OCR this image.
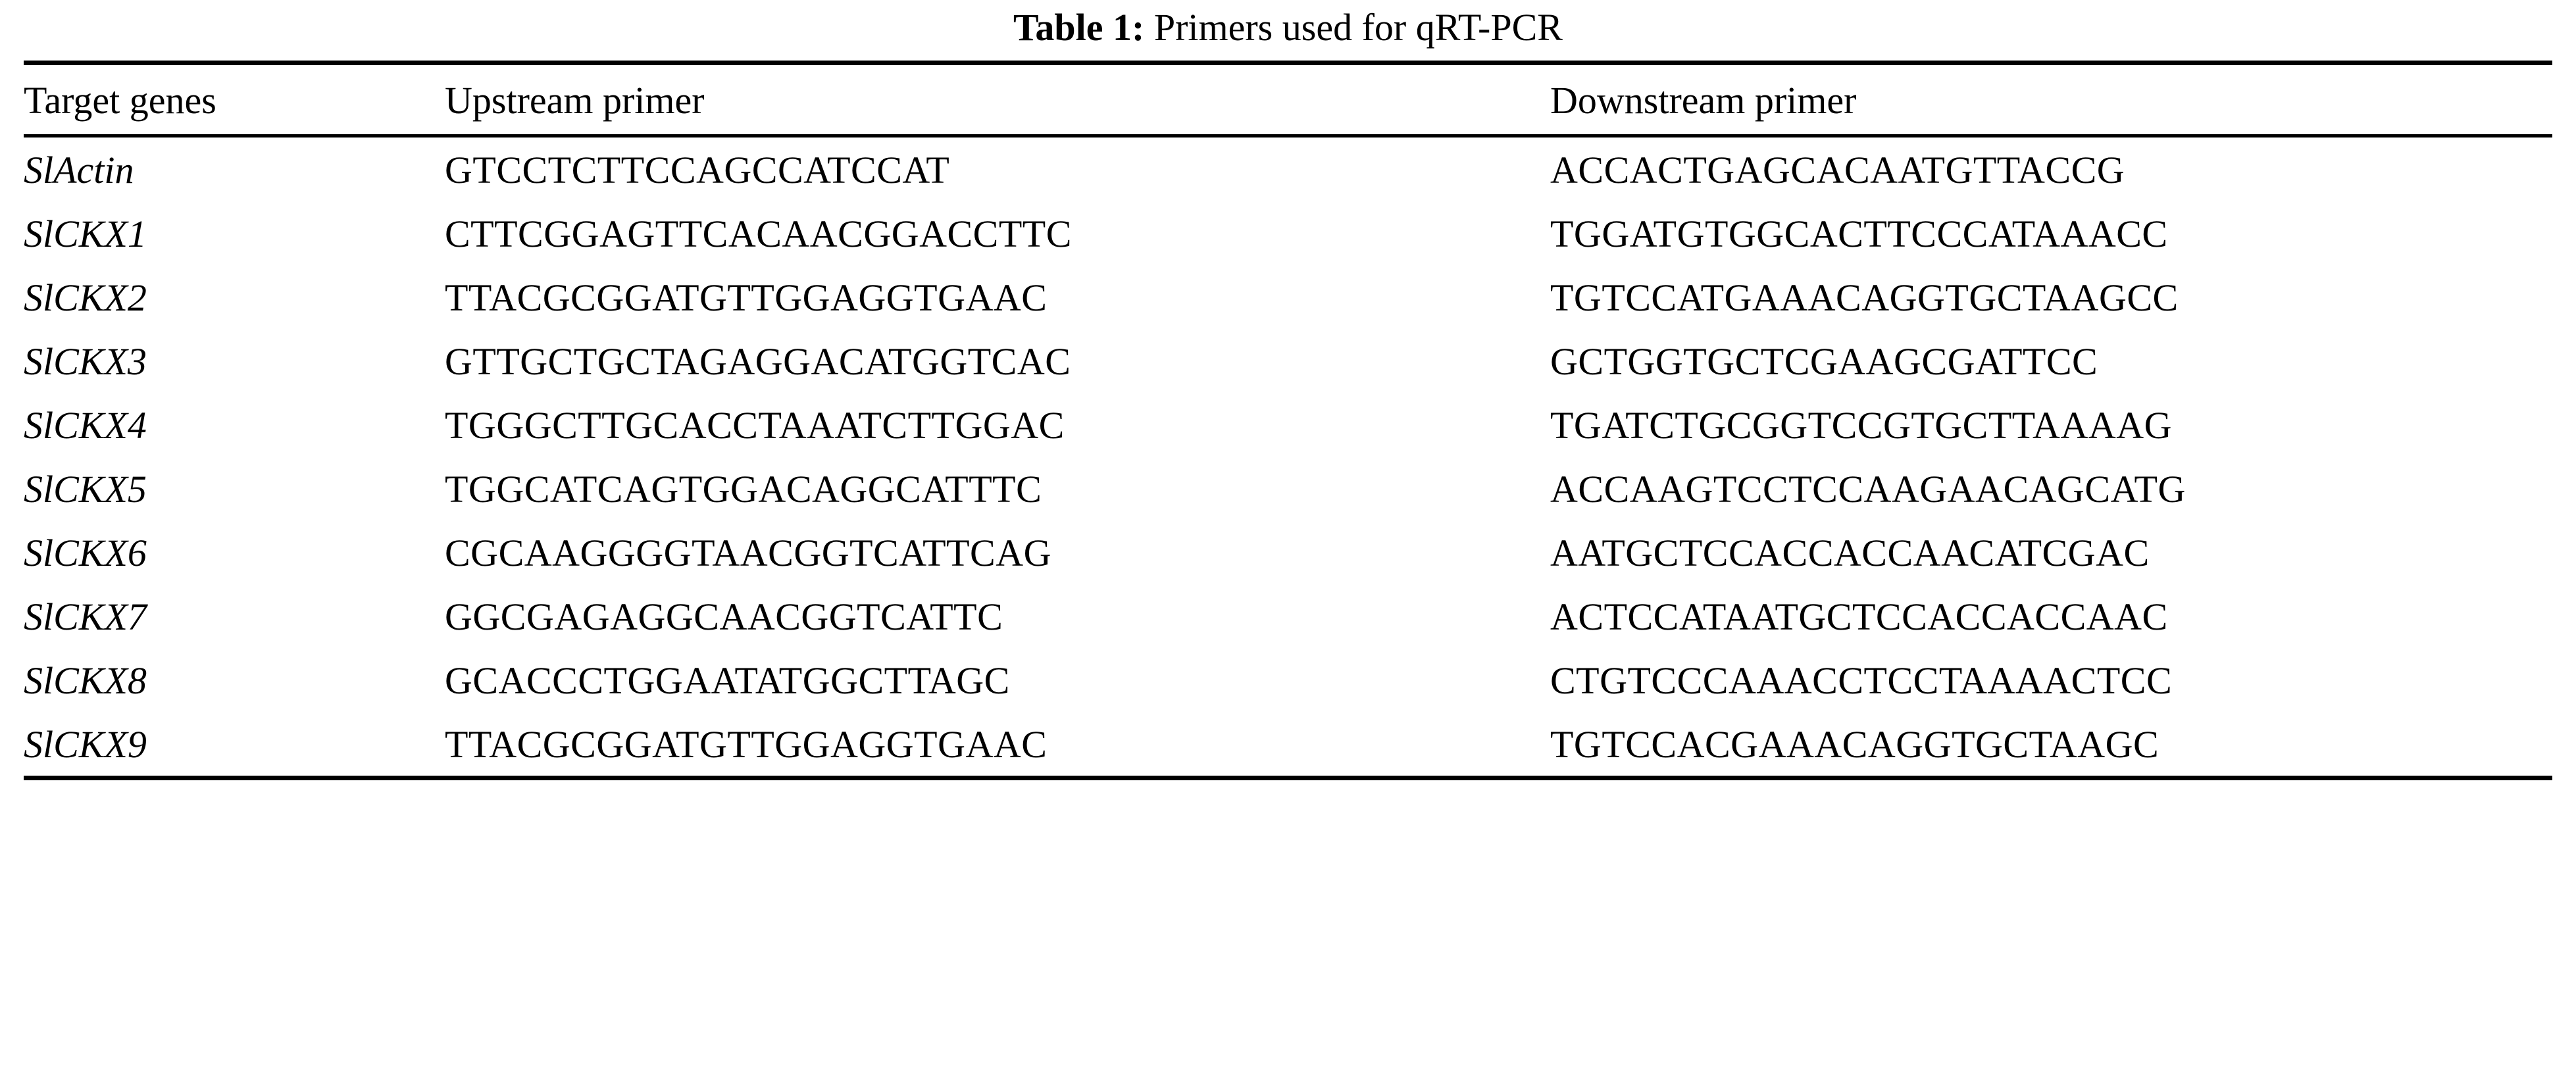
Table 1: Primers used for qRT-PCR
Target genes	Upstream primer	Downstream primer
SlActin	GTCCTCTTCCAGCCATCCAT	ACCACTGAGCACAATGTTACCG
SlCKX1	CTTCGGAGTTCACAACGGACCTTC	TGGATGTGGCACTTCCCATAAACC
SlCKX2	TTACGCGGATGTTGGAGGTGAAC	TGTCCATGAAACAGGTGCTAAGCC
SlCKX3	GTTGCTGCTAGAGGACATGGTCAC	GCTGGTGCTCGAAGCGATTCC
SlCKX4	TGGGCTTGCACCTAAATCTTGGAC	TGATCTGCGGTCCGTGCTTAAAAG
SlCKX5	TGGCATCAGTGGACAGGCATTTC	ACCAAGTCCTCCAAGAACAGCATG
SlCKX6	CGCAAGGGGTAACGGTCATTCAG	AATGCTCCACCACCAACATCGAC
SlCKX7	GGCGAGAGGCAACGGTCATTC	ACTCCATAATGCTCCACCACCAAC
SlCKX8	GCACCCTGGAATATGGCTTAGC	CTGTCCCAAACCTCCTAAAACTCC
SlCKX9	TTACGCGGATGTTGGAGGTGAAC	TGTCCACGAAACAGGTGCTAAGC
